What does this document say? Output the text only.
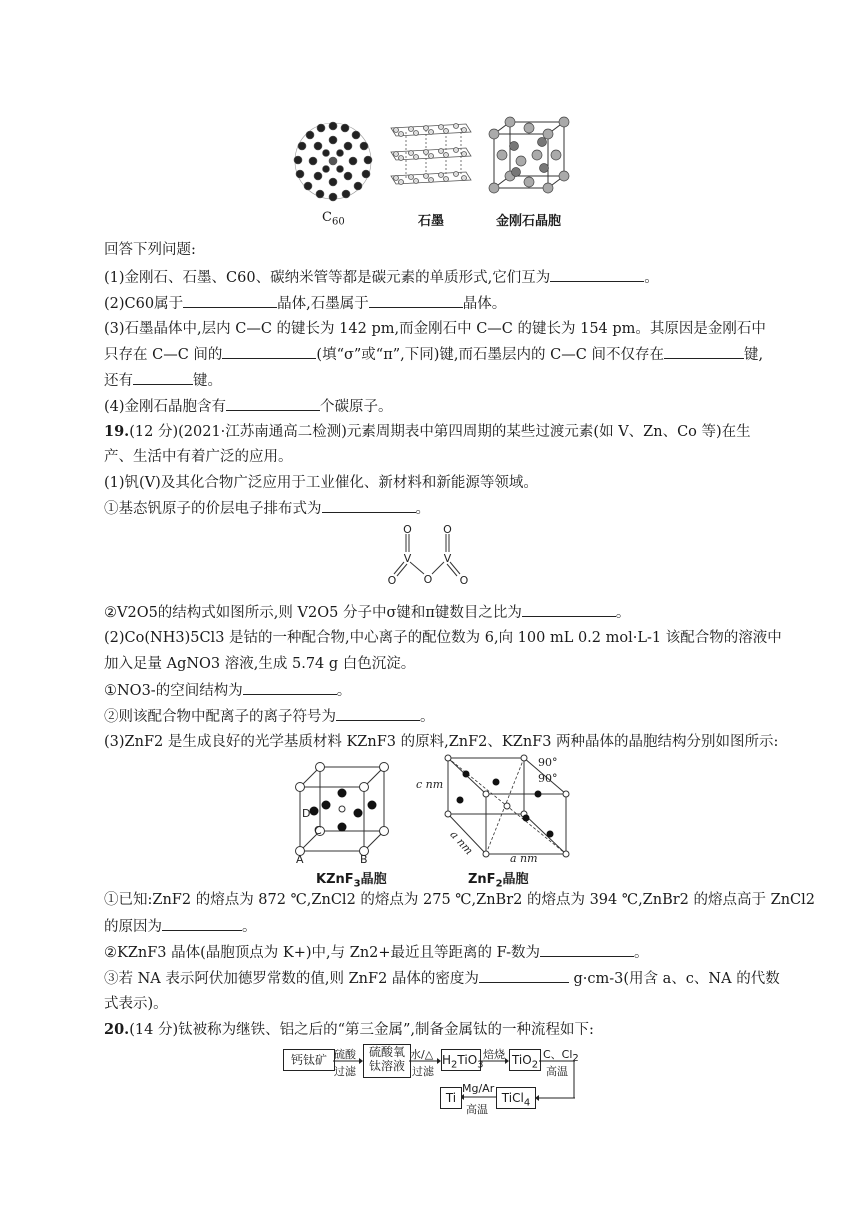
$C_{60}$	石墨	金刚石晶胞
回答下列问题:
(1)金刚石、石墨、C60、碳纳米管等都是碳元素的单质形式,它们互为	。
(2)C60属于	晶体,石墨属于	晶体。
(3)石墨晶体中,层内 C—C 的键长为 142 pm,而金刚石中 C—C 的键长为 154 pm。其原因是金刚石中
只存在 C—C 间的	(填“σ”或“π”,下同)键,而石墨层内的 C—C 间不仅存在	键,
还有	键。
(4)金刚石晶胞含有	个碳原子。
19.(12 分)(2021·江苏南通高二检测)元素周期表中第四周期的某些过渡元素(如 V、Zn、Co 等)在生
产、生活中有着广泛的应用。
(1)钒(V)及其化合物广泛应用于工业催化、新材料和新能源等领域。
①基态钒原子的价层电子排布式为	。
O	O
V	V
O
O	O
②V2O5的结构式如图所示,则 V2O5 分子中σ键和π键数目之比为	。
(2)Co(NH3)5Cl3 是钴的一种配合物,中心离子的配位数为 6,向 100 mL 0.2 mol·L-1 该配合物的溶液中
加入足量 AgNO3 溶液,生成 5.74 g 白色沉淀。
①NO3-的空间结构为	。
②则该配合物中配离子的离子符号为	。
(3)ZnF2 是生成良好的光学基质材料 KZnF3 的原料,ZnF2、KZnF3 两种晶体的晶胞结构分别如图所示:
D
C
A	B
KZnF$_3$晶胞
c nm
a nm
90°
90°
a nm
ZnF$_2$晶胞
①已知:ZnF2 的熔点为 872 ℃,ZnCl2 的熔点为 275 ℃,ZnBr2 的熔点为 394 ℃,ZnBr2 的熔点高于 ZnCl2
的原因为	。
②KZnF3 晶体(晶胞顶点为 K+)中,与 Zn2+最近且等距离的 F-数为	。
③若 NA 表示阿伏加德罗常数的值,则 ZnF2 晶体的密度为	g·cm-3(用含 a、c、NA 的代数
式表示)。
20.(14 分)钛被称为继铁、铝之后的“第三金属”,制备金属钛的一种流程如下:
钙钛矿 硫酸
过滤
硫酸氧
钛溶液
水/△
过滤
$H_2TiO_3$
焙烧 TiO$_2$
C、$Cl_2$
高温
TiCl$_4$
Mg/Ar
高温
Ti
